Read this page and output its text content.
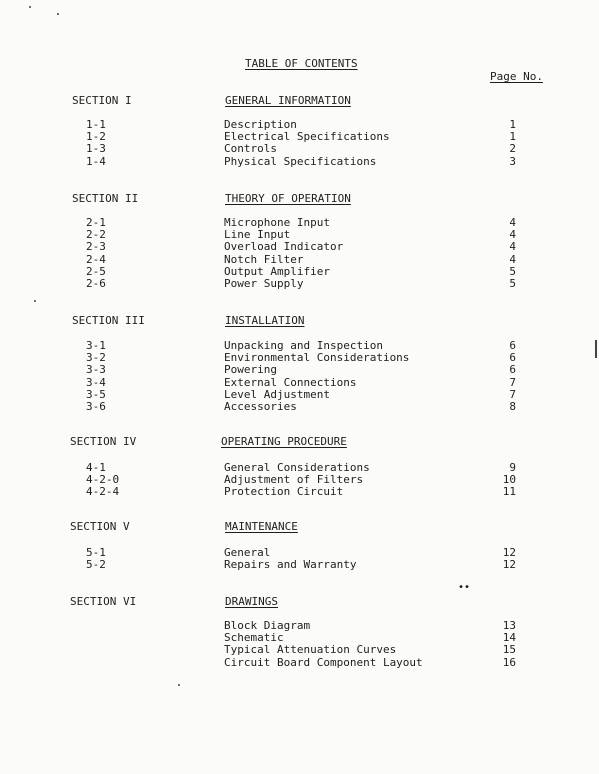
TABLE OF CONTENTS
Page No.
••
SECTION I	GENERAL INFORMATION
1-1	Description	1
1-2	Electrical Specifications	1
1-3	Controls	2
1-4	Physical Specifications	3
SECTION II	THEORY OF OPERATION
2-1	Microphone Input	4
2-2	Line Input	4
2-3	Overload Indicator	4
2-4	Notch Filter	4
2-5	Output Amplifier	5
2-6	Power Supply	5
SECTION III	INSTALLATION
3-1	Unpacking and Inspection	6
3-2	Environmental Considerations	6
3-3	Powering	6
3-4	External Connections	7
3-5	Level Adjustment	7
3-6	Accessories	8
SECTION IV	OPERATING PROCEDURE
4-1	General Considerations	9
4-2-0	Adjustment of Filters	10
4-2-4	Protection Circuit	11
SECTION V	MAINTENANCE
5-1	General	12
5-2	Repairs and Warranty	12
SECTION VI	DRAWINGS
Block Diagram	13
Schematic	14
Typical Attenuation Curves	15
Circuit Board Component Layout	16
